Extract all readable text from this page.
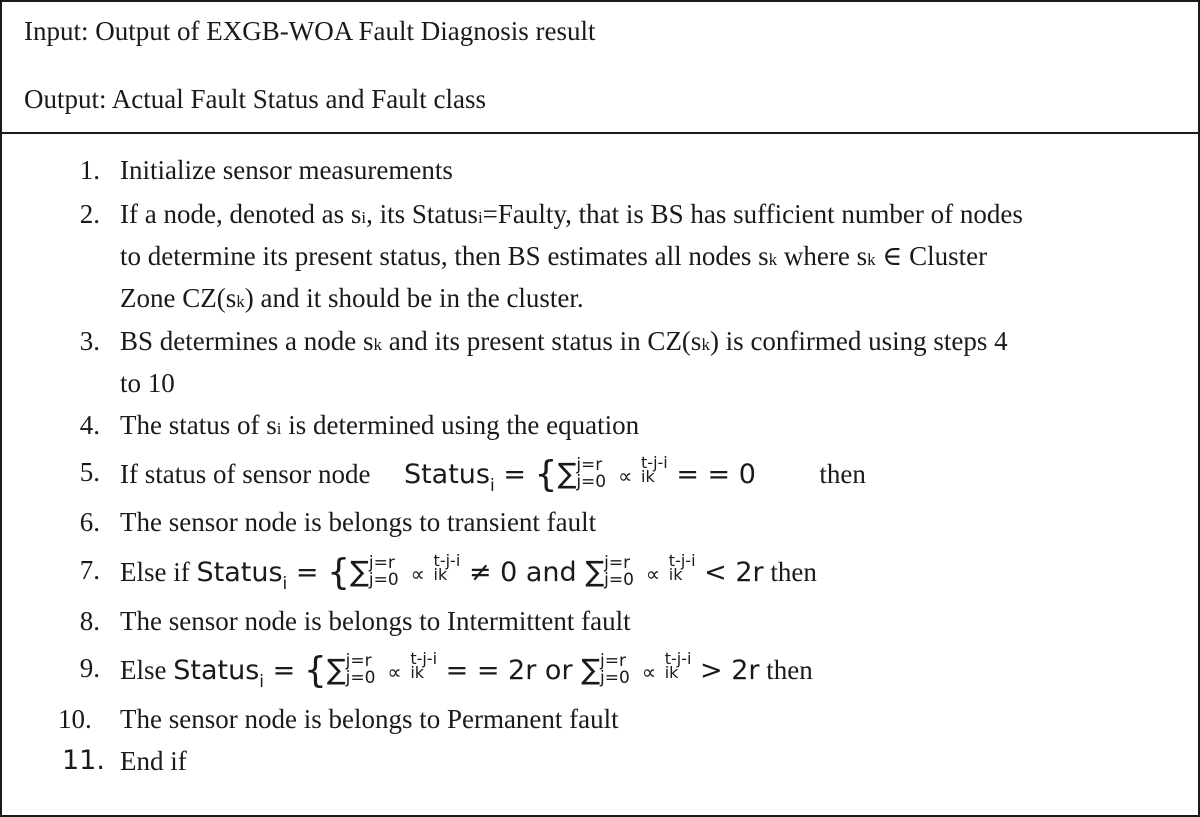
Input: Output of EXGB-WOA Fault Diagnosis result
Output: Actual Fault Status and Fault class
1. Initialize sensor measurements
2. If a node, denoted as si, its Statusi=Faulty, that is BS has sufficient number of nodes
to determine its present status, then BS estimates all nodes sk where sk ∈ Cluster
Zone CZ(sk) and it should be in the cluster.
3. BS determines a node sk and its present status in CZ(sk) is confirmed using steps 4
to 10
4. The status of si is determined using the equation
5. If status of sensor node Status$_i$ = {∑ j=r
j=0 ∝
t-j-i
ik = = 0 then
6. The sensor node is belongs to transient fault
7. Else if Status$_i$ = {∑ j=r
j=0 ∝
t-j-i
ik ≠ 0 and ∑ j=r
j=0 ∝
t-j-i
ik < 2r then
8. The sensor node is belongs to Intermittent fault
9. Else Status$_i$ = {∑ j=r
j=0 ∝
t-j-i
ik = = 2r or ∑ j=r
j=0 ∝
t-j-i
ik > 2r then
10.	The sensor node is belongs to Permanent fault
11. End if
